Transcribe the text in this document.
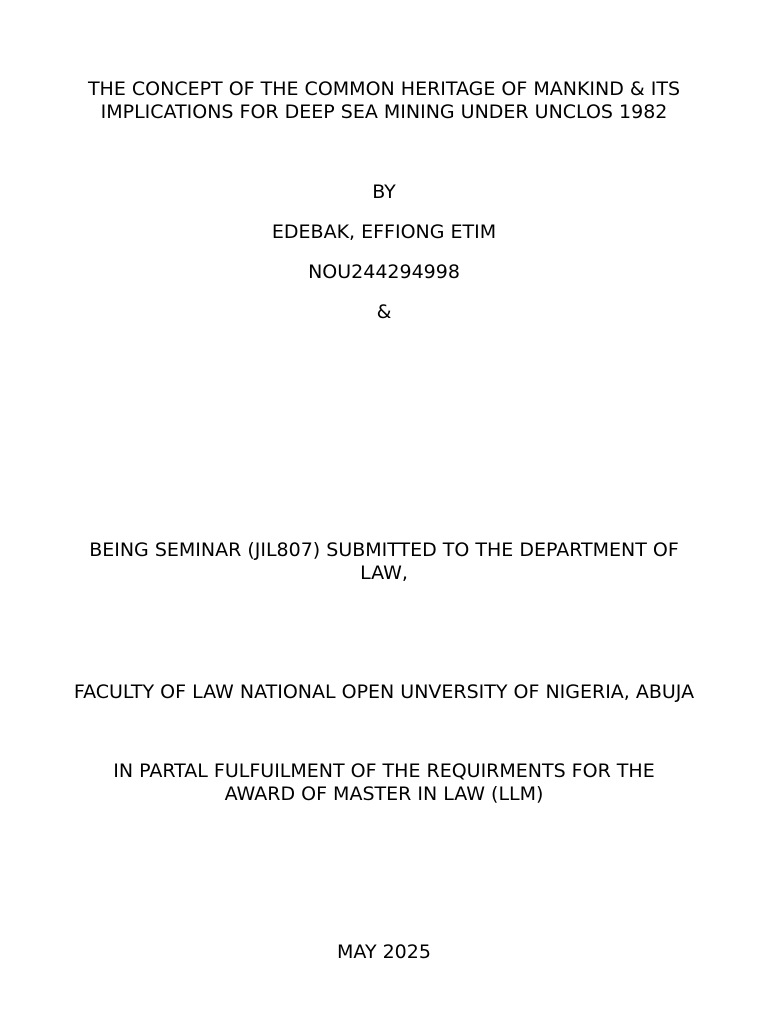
THE CONCEPT OF THE COMMON HERITAGE OF MANKIND & ITS
IMPLICATIONS FOR DEEP SEA MINING UNDER UNCLOS 1982
BY
EDEBAK, EFFIONG ETIM
NOU244294998
&
BEING SEMINAR (JIL807) SUBMITTED TO THE DEPARTMENT OF
LAW,
FACULTY OF LAW NATIONAL OPEN UNVERSITY OF NIGERIA, ABUJA
IN PARTAL FULFUILMENT OF THE REQUIRMENTS FOR THE
AWARD OF MASTER IN LAW (LLM)
MAY 2025
